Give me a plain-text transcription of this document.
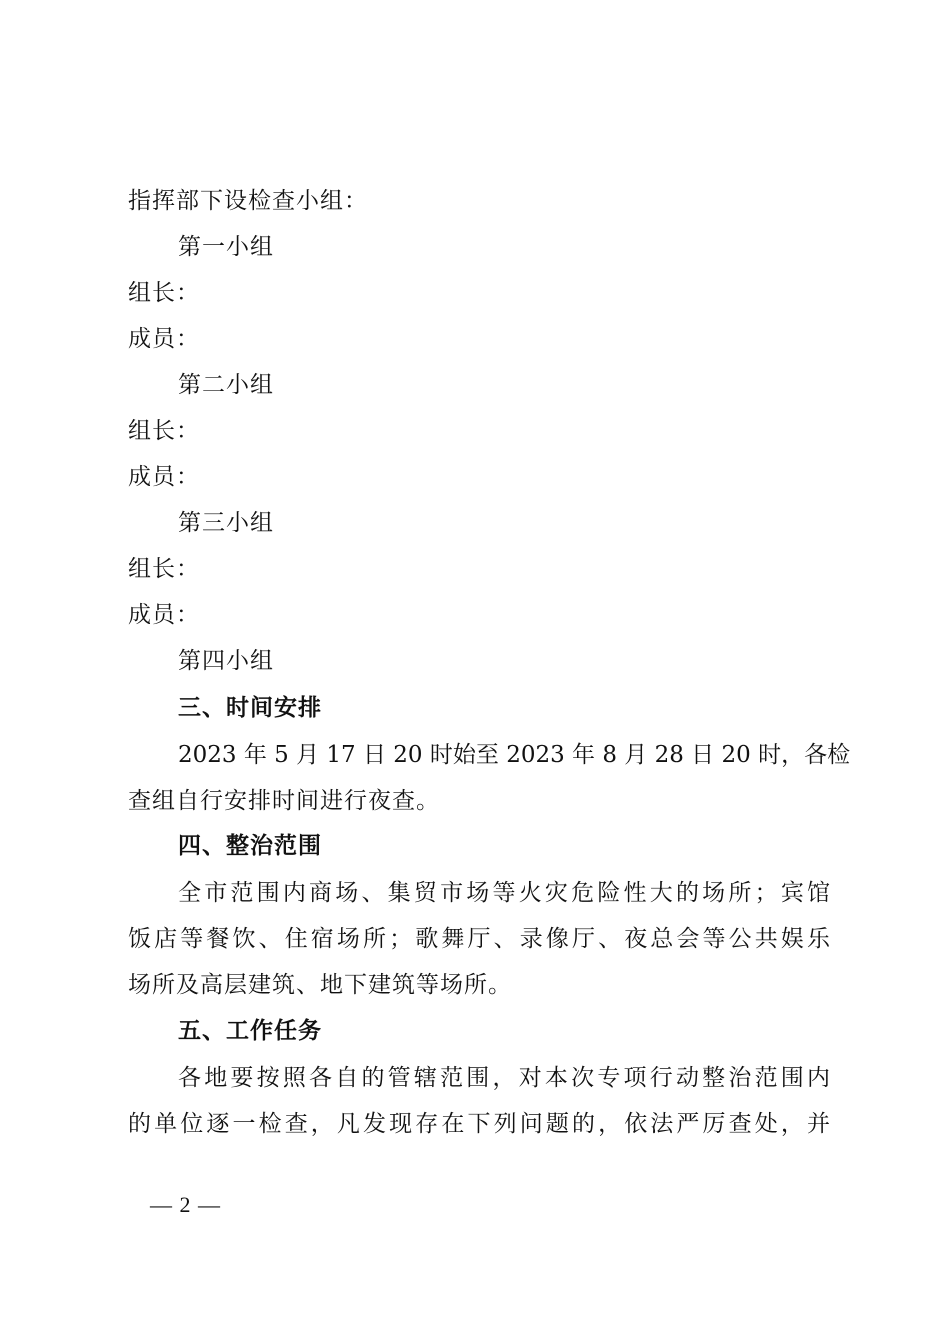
指挥部下设检查小组：
第一小组
组长：
成员：
第二小组
组长：
成员：
第三小组
组长：
成员：
第四小组
三、时间安排
2023 年 5 月 17 日 20 时始至 2023 年 8 月 28 日 20 时，各检
查组自行安排时间进行夜查。
四、整治范围
全市范围内商场、集贸市场等火灾危险性大的场所；宾馆
饭店等餐饮、住宿场所；歌舞厅、录像厅、夜总会等公共娱乐
场所及高层建筑、地下建筑等场所。
五、工作任务
各地要按照各自的管辖范围，对本次专项行动整治范围内
的单位逐一检查，凡发现存在下列问题的，依法严厉查处，并
— 2 —
